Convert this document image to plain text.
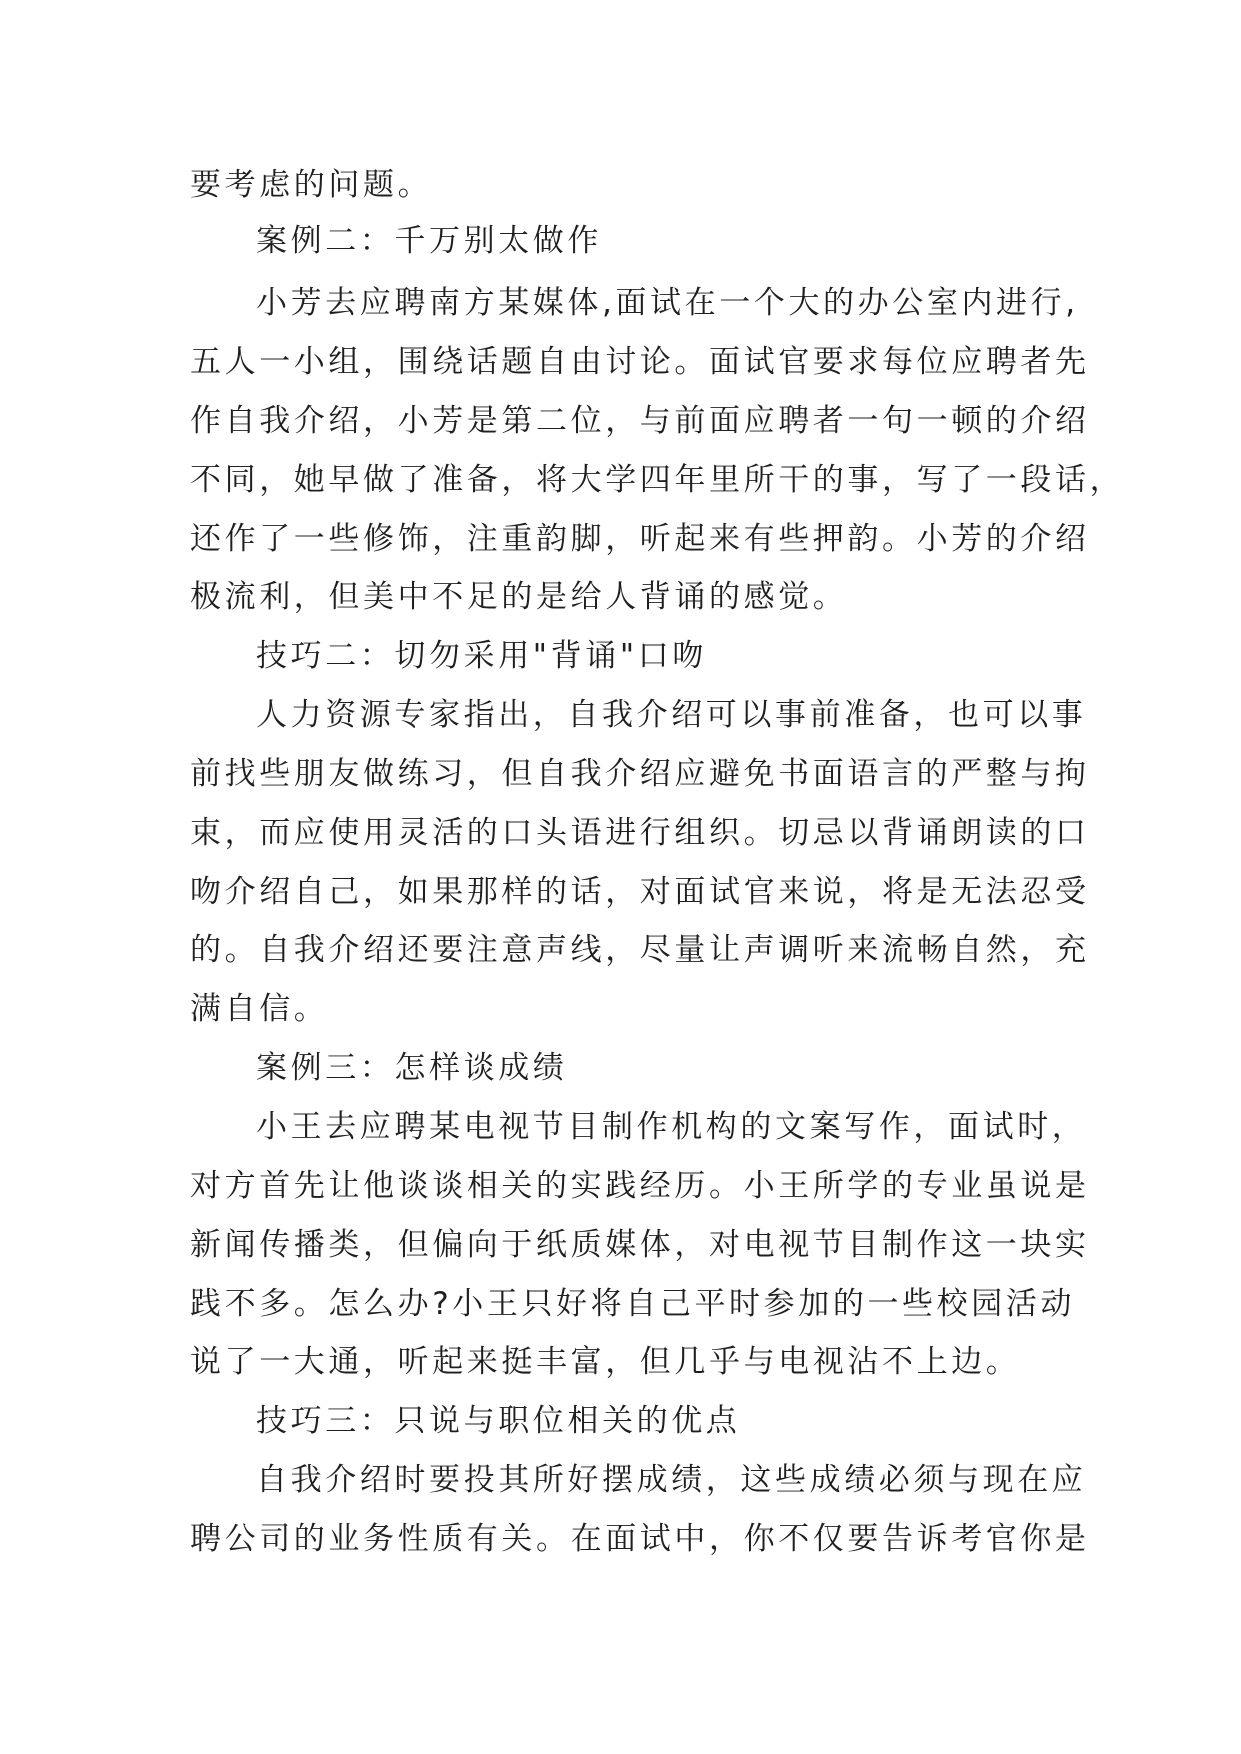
要考虑的问题。
案例二：千万别太做作
小芳去应聘南方某媒体,面试在一个大的办公室内进行,
五人一小组，围绕话题自由讨论。面试官要求每位应聘者先
作自我介绍，小芳是第二位，与前面应聘者一句一顿的介绍
不同，她早做了准备，将大学四年里所干的事，写了一段话，
还作了一些修饰，注重韵脚，听起来有些押韵。小芳的介绍
极流利，但美中不足的是给人背诵的感觉。
技巧二：切勿采用"背诵"口吻
人力资源专家指出，自我介绍可以事前准备，也可以事
前找些朋友做练习，但自我介绍应避免书面语言的严整与拘
束，而应使用灵活的口头语进行组织。切忌以背诵朗读的口
吻介绍自己，如果那样的话，对面试官来说，将是无法忍受
的。自我介绍还要注意声线，尽量让声调听来流畅自然，充
满自信。
案例三：怎样谈成绩
小王去应聘某电视节目制作机构的文案写作，面试时，
对方首先让他谈谈相关的实践经历。小王所学的专业虽说是
新闻传播类，但偏向于纸质媒体，对电视节目制作这一块实
践不多。怎么办?小王只好将自己平时参加的一些校园活动
说了一大通，听起来挺丰富，但几乎与电视沾不上边。
技巧三：只说与职位相关的优点
自我介绍时要投其所好摆成绩，这些成绩必须与现在应
聘公司的业务性质有关。在面试中，你不仅要告诉考官你是
